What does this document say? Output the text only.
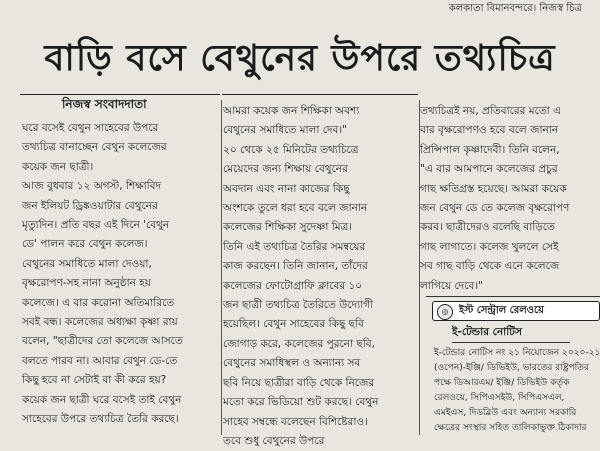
কলকাতা বিমানবন্দরে। নিজস্ব চিত্র
বাড়ি বসে বেথুনের উপরে তথ্যচিত্র
নিজস্ব সংবাদদাতা

ঘরে বসেই বেথুন সাহেবের উপরে

তথ্যচিত্র বানাচ্ছেন বেথুন কলেজের

কয়েক জন ছাত্রী।

আজ বুধবার ১২ অগস্ট, শিক্ষাবিদ

জন ইলিয়ট ড্রিঙ্কওয়াটার বেথুনের

মৃত্যুদিন। প্রতি বছর এই দিনে 'বেথুন

ডে' পালন করে বেথুন কলেজ।

বেথুনের সমাধিতে মালা দেওয়া,

বৃক্ষরোপণ-সহ নানা অনুষ্ঠান হয়

কলেজে। এ বার করোনা অতিমারিতে

সবই বন্ধ। কলেজের অধ্যক্ষা কৃষ্ণা রায়

বলেন, "ছাত্রীদের তো কলেজে আসতে

বলতে পারব না। আবার বেথুন ডে-তে

কিছু হবে না সেটাই বা কী করে হয়?

কয়েক জন ছাত্রী ঘরে বসেই তাই বেথুন

সাহেবের উপরে তথ্যচিত্র তৈরি করছে।

আমরা কয়েক জন শিক্ষিকা অবশ্য

বেথুনের সমাধিতে মালা দেব।"

২০ থেকে ২৫ মিনিটের তথ্যচিত্রে

মেয়েদের জন্য শিক্ষায় বেথুনের

অবদান এবং নানা কাজের কিছু

অংশকে তুলে ধরা হবে বলে জানান

কলেজের শিক্ষিকা সুদেষ্ণা মিত্র।

তিনি এই তথ্যচিত্র তৈরির সমন্বয়ের

কাজ করছেন। তিনি জানান, তাঁদের

কলেজের ফোটোগ্রাফি ক্লাবের ১০

জন ছাত্রী তথ্যচিত্র তৈরিতে উদ্যোগী

হয়েছিল। বেথুন সাহেবের কিছু ছবি

জোগাড় করে, কলেজের পুরনো ছবি,

বেথুনের সমাধিস্থল ও অন্যান্য সব

ছবি নিয়ে ছাত্রীরা বাড়ি থেকে নিজের

মতো করে ভিডিয়ো শুট করছে। বেথুন

সাহেব সম্বন্ধে বলেছেন বিশিষ্টেরাও।

তবে শুধু বেথুনের উপরে

তথ্যচিত্রই নয়, প্রতিবারের মতো এ

বার বৃক্ষরোপণও হবে বলে জানান

প্রিন্সিপাল কৃষ্ণাদেবী। তিনি বলেন,

"এ বার আমপানে কলেজের প্রচুর

গাছ ক্ষতিগ্রস্ত হয়েছে। আমরা কয়েক

জন বেথুন ডে তে কলেজ বৃক্ষরোপণ

করব। ছাত্রীদেরও বলেছি বাড়িতে

গাছ লাগাতে। কলেজ খুললে সেই

সব গাছ বাড়ি থেকে এনে কলেজে

লাগিয়ে দেবে।"

◎	ইস্ট সেন্ট্রাল রেলওয়ে
ই-টেন্ডার নোটিস

ই-টেন্ডার নোটিস নং ২১ নিয়োজেন ২০২০-২১

(ওপেন)-ইঞ্জি/ ডিভিইউ, ভারতের রাষ্ট্রপতির

পক্ষে ডিআরএম/ ইঞ্জি/ ডিভিইউ কর্তৃক

রেলওয়ে, সিপিএসইউ, সিপিএসএল,

এমইএস, দিডব্লিউ এবং অন্যান্য সরকারি

ক্ষেত্রের সংস্থার সহিত তালিকাভুক্ত ঠিকাদার
